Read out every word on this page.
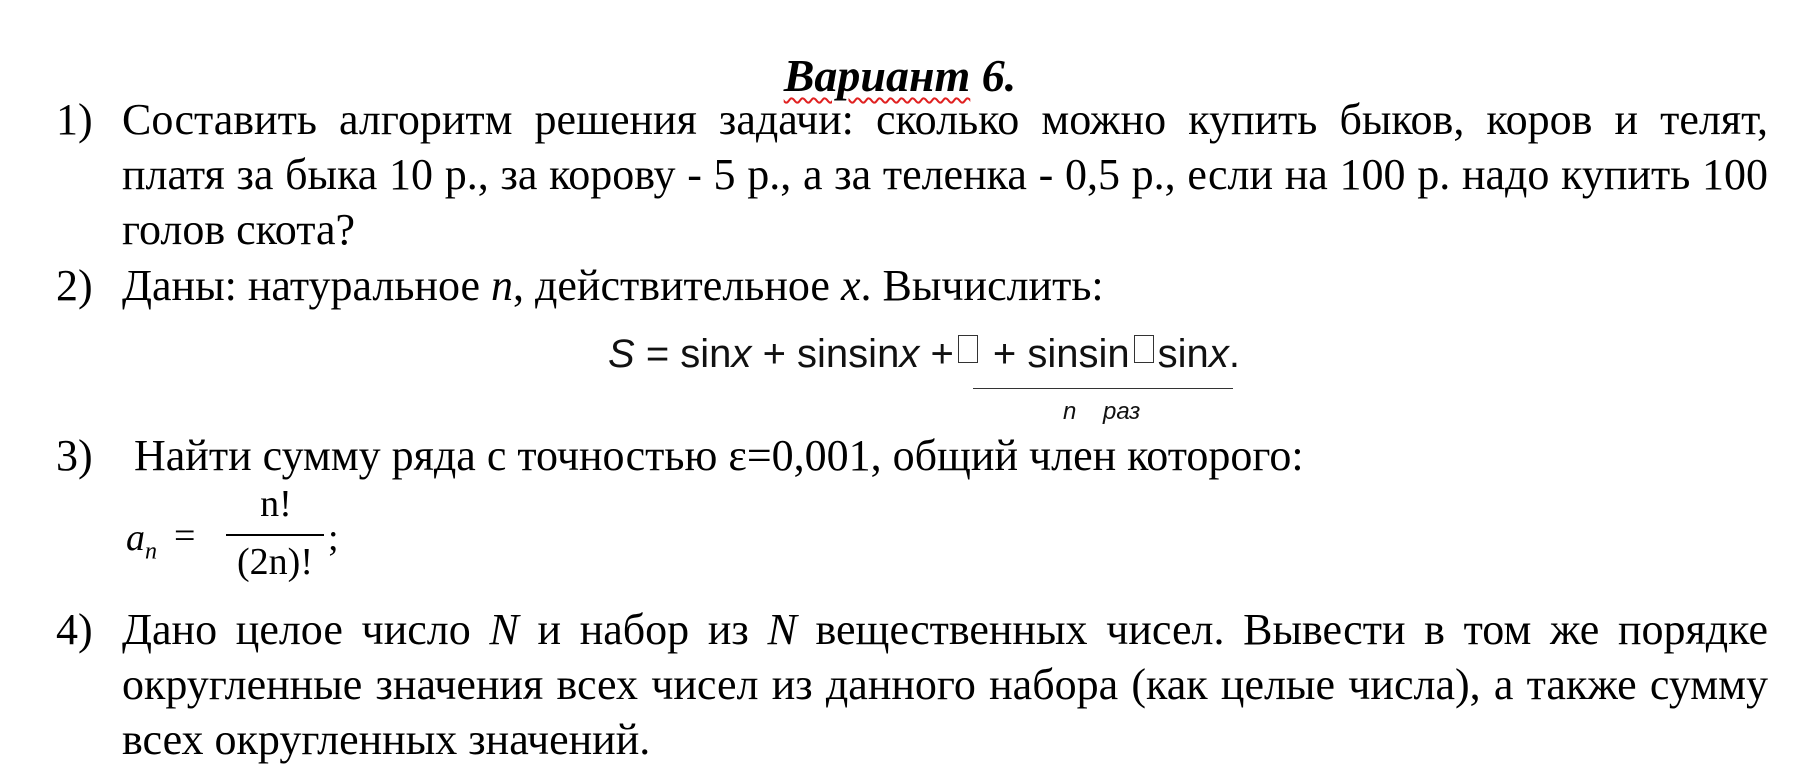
Вариант 6.
1) Составить алгоритм решения задачи: сколько можно купить быков, коров и телят, платя за быка 10 р., за корову - 5 р., а за теленка - 0,5 р., если на 100 р. надо купить 100 голов скота?
2) Даны: натуральное n, действительное x. Вычислить:
S = sinx + sinsinx + + sinsin sinx.
n раз
3) Найти сумму ряда с точностью ε=0,001, общий член которого:
$a_n$ =
n!
(2n)!
;
4) Дано целое число N и набор из N вещественных чисел. Вывести в том же порядке округленные значения всех чисел из данного набора (как целые числа), а также сумму всех округленных значений.
